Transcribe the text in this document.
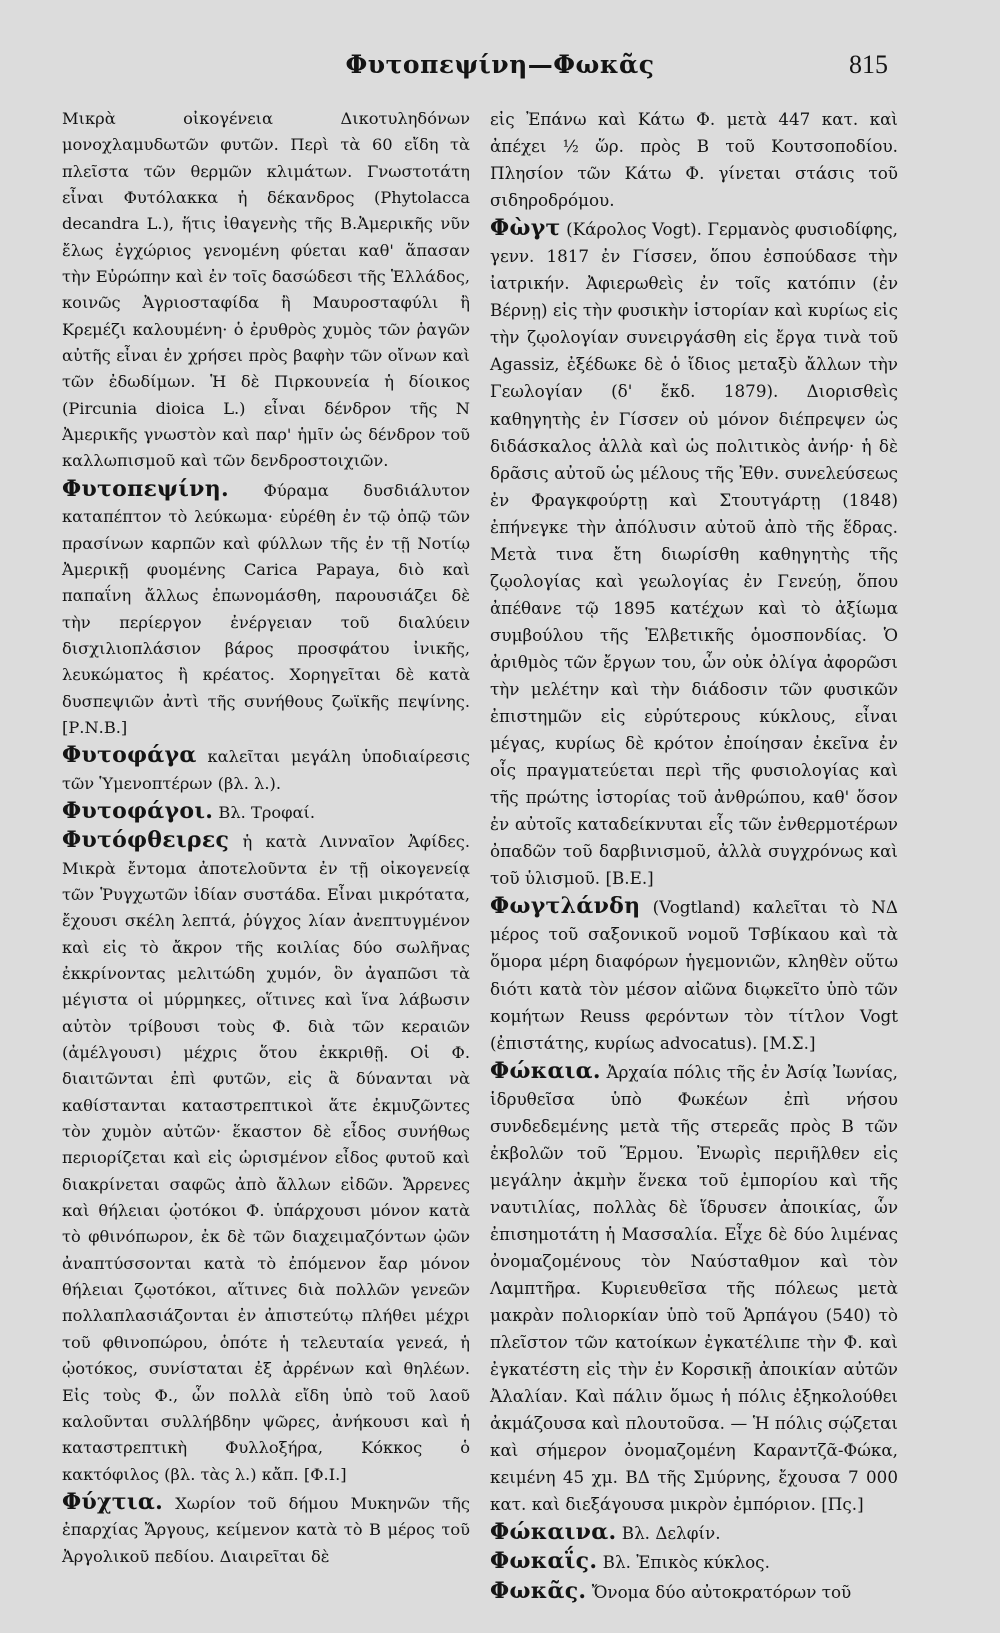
Φυτοπεψίνη—Φωκᾶς	815

Μικρὰ οἰκογένεια Δικοτυληδόνων μονοχλαμυδωτῶν φυτῶν. Περὶ τὰ 60 εἴδη τὰ πλεῖστα τῶν θερμῶν κλιμάτων. Γνωστοτάτη εἶναι Φυτόλακκα ἡ δέκανδρος (Phytolacca decandra L.), ἥτις ἰθαγενὴς τῆς Β.Ἀμερικῆς νῦν ἔλως ἐγχώριος γενομένη φύεται καθ' ἅπασαν τὴν Εὐρώπην καὶ ἐν τοῖς δασώδεσι τῆς Ἑλλάδος, κοινῶς Ἀγριοσταφίδα ἢ Μαυροσταφύλι ἢ Κρεμέζι καλουμένη· ὁ ἐρυθρὸς χυμὸς τῶν ῥαγῶν αὐτῆς εἶναι ἐν χρήσει πρὸς βαφὴν τῶν οἴνων καὶ τῶν ἐδωδίμων. Ἡ δὲ Πιρκουνεία ἡ δίοικος (Pircunia dioica L.) εἶναι δένδρον τῆς Ν Ἀμερικῆς γνωστὸν καὶ παρ' ἡμῖν ὡς δένδρον τοῦ καλλωπισμοῦ καὶ τῶν δενδροστοιχιῶν.

Φυτοπεψίνη. Φύραμα δυσδιάλυτον καταπέπτον τὸ λεύκωμα· εὑρέθη ἐν τῷ ὀπῷ τῶν πρασίνων καρπῶν καὶ φύλλων τῆς ἐν τῇ Νοτίῳ Ἀμερικῇ φυομένης Carica Papaya, διὸ καὶ παπαΐνη ἄλλως ἐπωνομάσθη, παρουσιάζει δὲ τὴν περίεργον ἐνέργειαν τοῦ διαλύειν δισχιλιοπλάσιον βάρος προσφάτου ἰνικῆς, λευκώματος ἢ κρέατος. Χορηγεῖται δὲ κατὰ δυσπεψιῶν ἀντὶ τῆς συνήθους ζωϊκῆς πεψίνης. [Ρ.Ν.Β.]

Φυτοφάγα καλεῖται μεγάλη ὑποδιαίρεσις τῶν Ὑμενοπτέρων (βλ. λ.).

Φυτοφάγοι. Βλ. Τροφαί.

Φυτόφθειρες ἡ κατὰ Λινναῖον Ἀφίδες. Μικρὰ ἔντομα ἀποτελοῦντα ἐν τῇ οἰκογενείᾳ τῶν Ῥυγχωτῶν ἰδίαν συστάδα. Εἶναι μικρότατα, ἔχουσι σκέλη λεπτά, ῥύγχος λίαν ἀνεπτυγμένον καὶ εἰς τὸ ἄκρον τῆς κοιλίας δύο σωλῆνας ἐκκρίνοντας μελιτώδη χυμόν, ὃν ἀγαπῶσι τὰ μέγιστα οἱ μύρμηκες, οἵτινες καὶ ἵνα λάβωσιν αὐτὸν τρίβουσι τοὺς Φ. διὰ τῶν κεραιῶν (ἀμέλγουσι) μέχρις ὅτου ἐκκριθῇ. Οἱ Φ. διαιτῶνται ἐπὶ φυτῶν, εἰς ἃ δύνανται νὰ καθίστανται καταστρεπτικοὶ ἅτε ἐκμυζῶντες τὸν χυμὸν αὐτῶν· ἕκαστον δὲ εἶδος συνήθως περιορίζεται καὶ εἰς ὡρισμένον εἶδος φυτοῦ καὶ διακρίνεται σαφῶς ἀπὸ ἄλλων εἰδῶν. Ἄρρενες καὶ θήλειαι ᾠοτόκοι Φ. ὑπάρχουσι μόνον κατὰ τὸ φθινόπωρον, ἐκ δὲ τῶν διαχειμαζόντων ᾠῶν ἀναπτύσσονται κατὰ τὸ ἐπόμενον ἔαρ μόνον θήλειαι ζῳοτόκοι, αἵτινες διὰ πολλῶν γενεῶν πολλαπλασιάζονται ἐν ἀπιστεύτῳ πλήθει μέχρι τοῦ φθινοπώρου, ὁπότε ἡ τελευταία γενεά, ἡ ᾠοτόκος, συνίσταται ἐξ ἀρρένων καὶ θηλέων. Εἰς τοὺς Φ., ὧν πολλὰ εἴδη ὑπὸ τοῦ λαοῦ καλοῦνται συλλήβδην ψῶρες, ἀνήκουσι καὶ ἡ καταστρεπτικὴ Φυλλοξήρα, Κόκκος ὁ κακτόφιλος (βλ. τὰς λ.) κἄπ. [Φ.Ι.]

Φύχτια. Χωρίον τοῦ δήμου Μυκηνῶν τῆς ἐπαρχίας Ἄργους, κείμενον κατὰ τὸ Β μέρος τοῦ Ἀργολικοῦ πεδίου. Διαιρεῖται δὲ

εἰς Ἐπάνω καὶ Κάτω Φ. μετὰ 447 κατ. καὶ ἀπέχει ½ ὥρ. πρὸς Β τοῦ Κουτσοποδίου. Πλησίον τῶν Κάτω Φ. γίνεται στάσις τοῦ σιδηροδρόμου.

Φὼγτ (Κάρολος Vogt). Γερμανὸς φυσιοδίφης, γενν. 1817 ἐν Γίσσεν, ὅπου ἐσπούδασε τὴν ἰατρικήν. Ἀφιερωθεὶς ἐν τοῖς κατόπιν (ἐν Βέρνῃ) εἰς τὴν φυσικὴν ἱστορίαν καὶ κυρίως εἰς τὴν ζῳολογίαν συνειργάσθη εἰς ἔργα τινὰ τοῦ Agassiz, ἐξέδωκε δὲ ὁ ἴδιος μεταξὺ ἄλλων τὴν Γεωλογίαν (δ' ἔκδ. 1879). Διορισθεὶς καθηγητὴς ἐν Γίσσεν οὐ μόνον διέπρεψεν ὡς διδάσκαλος ἀλλὰ καὶ ὡς πολιτικὸς ἀνήρ· ἡ δὲ δρᾶσις αὐτοῦ ὡς μέλους τῆς Ἐθν. συνελεύσεως ἐν Φραγκφούρτῃ καὶ Στουτγάρτῃ (1848) ἐπήνεγκε τὴν ἀπόλυσιν αὐτοῦ ἀπὸ τῆς ἕδρας. Μετὰ τινα ἔτη διωρίσθη καθηγητὴς τῆς ζῳολογίας καὶ γεωλογίας ἐν Γενεύῃ, ὅπου ἀπέθανε τῷ 1895 κατέχων καὶ τὸ ἀξίωμα συμβούλου τῆς Ἑλβετικῆς ὁμοσπονδίας. Ὁ ἀριθμὸς τῶν ἔργων του, ὧν οὐκ ὀλίγα ἀφορῶσι τὴν μελέτην καὶ τὴν διάδοσιν τῶν φυσικῶν ἐπιστημῶν εἰς εὐρύτερους κύκλους, εἶναι μέγας, κυρίως δὲ κρότον ἐποίησαν ἐκεῖνα ἐν οἷς πραγματεύεται περὶ τῆς φυσιολογίας καὶ τῆς πρώτης ἱστορίας τοῦ ἀνθρώπου, καθ' ὅσον ἐν αὐτοῖς καταδείκνυται εἷς τῶν ἐνθερμοτέρων ὀπαδῶν τοῦ δαρβινισμοῦ, ἀλλὰ συγχρόνως καὶ τοῦ ὑλισμοῦ. [Β.Ε.]

Φωγτλάνδη (Vogtland) καλεῖται τὸ ΝΔ μέρος τοῦ σαξονικοῦ νομοῦ Τσβίκαου καὶ τὰ ὅμορα μέρη διαφόρων ἡγεμονιῶν, κληθὲν οὕτω διότι κατὰ τὸν μέσον αἰῶνα διῳκεῖτο ὑπὸ τῶν κομήτων Reuss φερόντων τὸν τίτλον Vogt (ἐπιστάτης, κυρίως advocatus). [Μ.Σ.]

Φώκαια. Ἀρχαία πόλις τῆς ἐν Ἀσίᾳ Ἰωνίας, ἱδρυθεῖσα ὑπὸ Φωκέων ἐπὶ νήσου συνδεδεμένης μετὰ τῆς στερεᾶς πρὸς Β τῶν ἐκβολῶν τοῦ Ἕρμου. Ἐνωρὶς περιῆλθεν εἰς μεγάλην ἀκμὴν ἕνεκα τοῦ ἐμπορίου καὶ τῆς ναυτιλίας, πολλὰς δὲ ἵδρυσεν ἀποικίας, ὧν ἐπισημοτάτη ἡ Μασσαλία. Εἶχε δὲ δύο λιμένας ὀνομαζομένους τὸν Ναύσταθμον καὶ τὸν Λαμπτῆρα. Κυριευθεῖσα τῆς πόλεως μετὰ μακρὰν πολιορκίαν ὑπὸ τοῦ Ἁρπάγου (540) τὸ πλεῖστον τῶν κατοίκων ἐγκατέλιπε τὴν Φ. καὶ ἐγκατέστη εἰς τὴν ἐν Κορσικῇ ἀποικίαν αὐτῶν Ἀλαλίαν. Καὶ πάλιν ὅμως ἡ πόλις ἐξηκολούθει ἀκμάζουσα καὶ πλουτοῦσα. — Ἡ πόλις σῴζεται καὶ σήμερον ὀνομαζομένη Καραντζᾶ-Φώκα, κειμένη 45 χμ. ΒΔ τῆς Σμύρνης, ἔχουσα 7 000 κατ. καὶ διεξάγουσα μικρὸν ἐμπόριον. [Πς.]

Φώκαινα. Βλ. Δελφίν.

Φωκαΐς. Βλ. Ἐπικὸς κύκλος.

Φωκᾶς. Ὄνομα δύο αὐτοκρατόρων τοῦ
